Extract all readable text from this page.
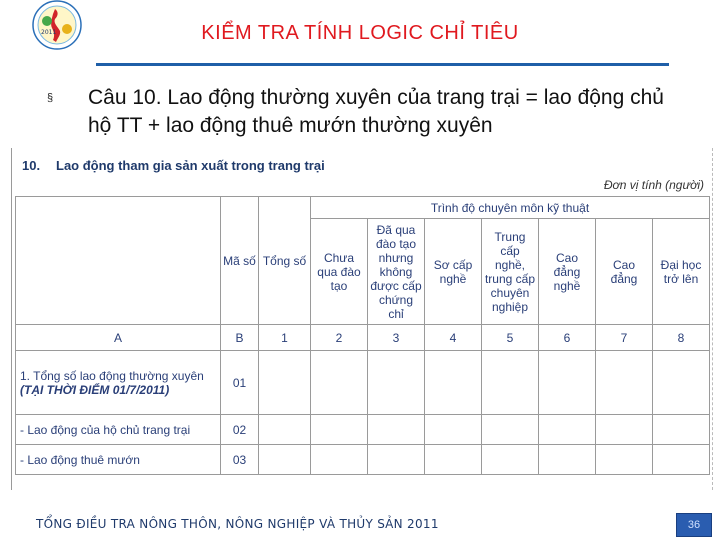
2011	KIỂM TRA TÍNH LOGIC CHỈ TIÊU
§ Câu 10. Lao động thường xuyên của trang trại = lao động chủ hộ TT + lao động thuê mướn thường xuyên
10. Lao động tham gia sản xuất trong trang trại
Đơn vị tính (người)
	Mã số	Tổng số	Trình độ chuyên môn kỹ thuật						
			Chưa qua đào tạo	Đã qua đào tạo nhưng không được cấp chứng chỉ	Sơ cấp nghề	Trung cấp nghề, trung cấp chuyên nghiệp	Cao đẳng nghề	Cao đẳng	Đại học trở lên
A	B	1	2	3	4	5	6	7	8
1. Tổng số lao động thường xuyên (TẠI THỜI ĐIỂM 01/7/2011)	01								
- Lao động của hộ chủ trang trại	02								
- Lao động thuê mướn	03								
TỔNG ĐIỀU TRA NÔNG THÔN, NÔNG NGHIỆP VÀ THỦY SẢN 2011	36
